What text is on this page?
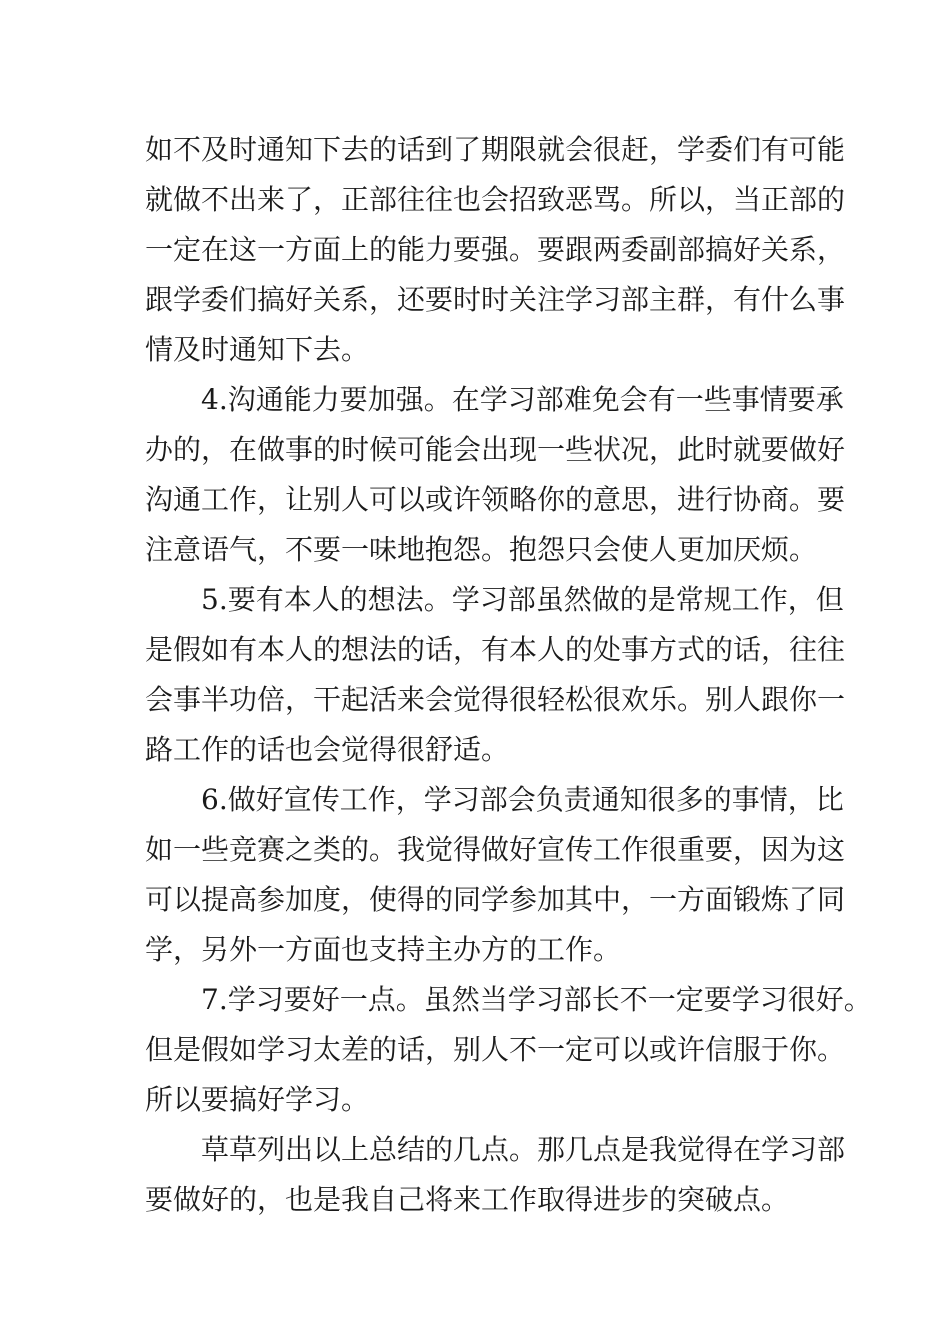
如不及时通知下去的话到了期限就会很赶，学委们有可能
就做不出来了，正部往往也会招致恶骂。所以，当正部的
一定在这一方面上的能力要强。要跟两委副部搞好关系，
跟学委们搞好关系，还要时时关注学习部主群，有什么事
情及时通知下去。
4.沟通能力要加强。在学习部难免会有一些事情要承
办的，在做事的时候可能会出现一些状况，此时就要做好
沟通工作，让别人可以或许领略你的意思，进行协商。要
注意语气，不要一味地抱怨。抱怨只会使人更加厌烦。
5.要有本人的想法。学习部虽然做的是常规工作，但
是假如有本人的想法的话，有本人的处事方式的话，往往
会事半功倍，干起活来会觉得很轻松很欢乐。别人跟你一
路工作的话也会觉得很舒适。
6.做好宣传工作，学习部会负责通知很多的事情，比
如一些竞赛之类的。我觉得做好宣传工作很重要，因为这
可以提高参加度，使得的同学参加其中，一方面锻炼了同
学，另外一方面也支持主办方的工作。
7.学习要好一点。虽然当学习部长不一定要学习很好。
但是假如学习太差的话，别人不一定可以或许信服于你。
所以要搞好学习。
草草列出以上总结的几点。那几点是我觉得在学习部
要做好的，也是我自己将来工作取得进步的突破点。
